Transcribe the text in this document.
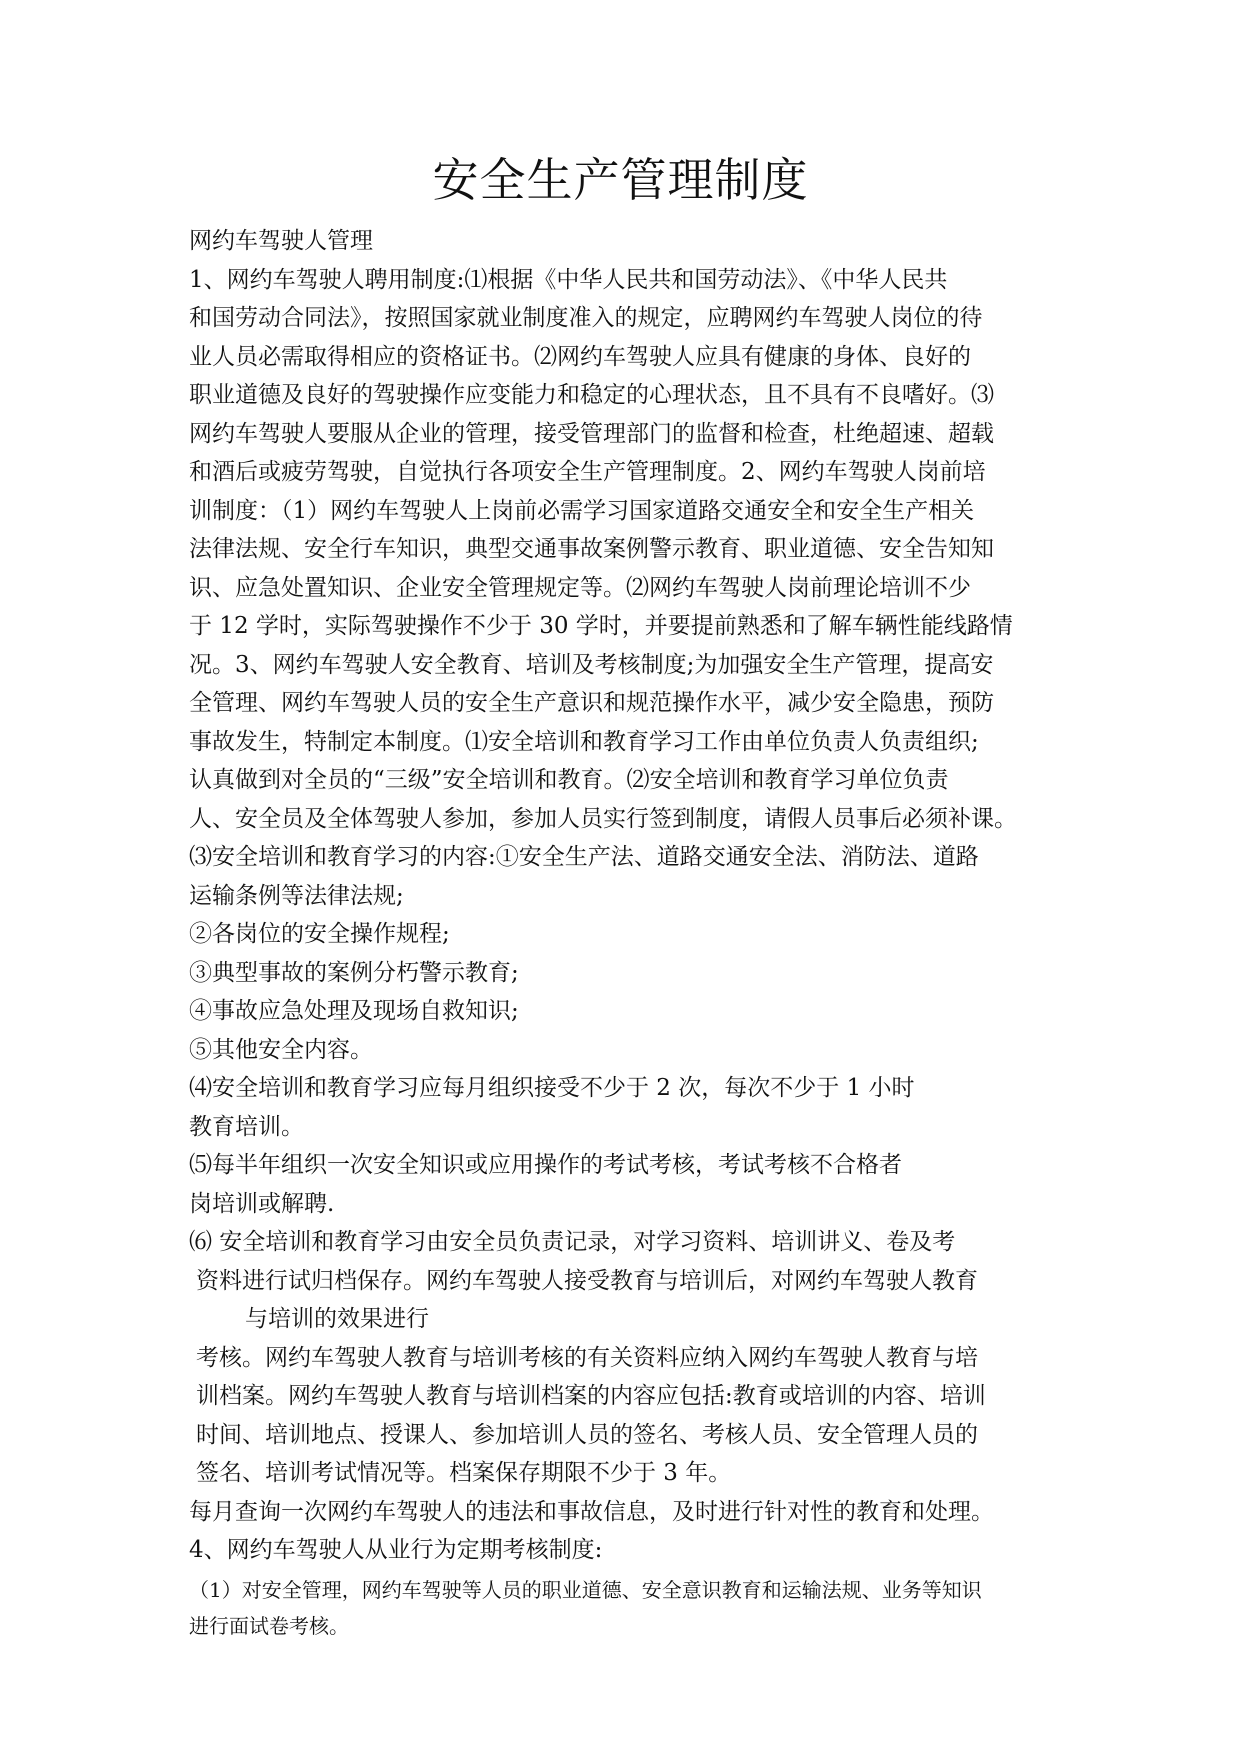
安全生产管理制度

网约车驾驶人管理

1、网约车驾驶人聘用制度:⑴根据《中华人民共和国劳动法》、《中华人民共

和国劳动合同法》，按照国家就业制度准入的规定，应聘网约车驾驶人岗位的待

业人员必需取得相应的资格证书。⑵网约车驾驶人应具有健康的身体、良好的

职业道德及良好的驾驶操作应变能力和稳定的心理状态，且不具有不良嗜好。⑶

网约车驾驶人要服从企业的管理，接受管理部门的监督和检查，杜绝超速、超载

和酒后或疲劳驾驶，自觉执行各项安全生产管理制度。2、网约车驾驶人岗前培

训制度：（1）网约车驾驶人上岗前必需学习国家道路交通安全和安全生产相关

法律法规、安全行车知识，典型交通事故案例警示教育、职业道德、安全告知知

识、应急处置知识、企业安全管理规定等。⑵网约车驾驶人岗前理论培训不少

于 12 学时，实际驾驶操作不少于 30 学时，并要提前熟悉和了解车辆性能线路情

况。3、网约车驾驶人安全教育、培训及考核制度;为加强安全生产管理，提高安

全管理、网约车驾驶人员的安全生产意识和规范操作水平，减少安全隐患，预防

事故发生，特制定本制度。⑴安全培训和教育学习工作由单位负责人负责组织;

认真做到对全员的“三级”安全培训和教育。⑵安全培训和教育学习单位负责

人、安全员及全体驾驶人参加，参加人员实行签到制度，请假人员事后必须补课。

⑶安全培训和教育学习的内容:①安全生产法、道路交通安全法、消防法、道路

运输条例等法律法规;

②各岗位的安全操作规程;

③典型事故的案例分朽警示教育;

④事故应急处理及现场自救知识;

⑤其他安全内容。

⑷安全培训和教育学习应每月组织接受不少于 2 次，每次不少于 1 小时

教育培训。

⑸每半年组织一次安全知识或应用操作的考试考核，考试考核不合格者

岗培训或解聘.

⑹ 安全培训和教育学习由安全员负责记录，对学习资料、培训讲义、卷及考

资料进行试归档保存。网约车驾驶人接受教育与培训后，对网约车驾驶人教育

与培训的效果进行

考核。网约车驾驶人教育与培训考核的有关资料应纳入网约车驾驶人教育与培

训档案。网约车驾驶人教育与培训档案的内容应包括:教育或培训的内容、培训

时间、培训地点、授课人、参加培训人员的签名、考核人员、安全管理人员的

签名、培训考试情况等。档案保存期限不少于 3 年。

每月查询一次网约车驾驶人的违法和事故信息，及时进行针对性的教育和处理。

4、网约车驾驶人从业行为定期考核制度:

（1）对安全管理，网约车驾驶等人员的职业道德、安全意识教育和运输法规、业务等知识

进行面试卷考核。
